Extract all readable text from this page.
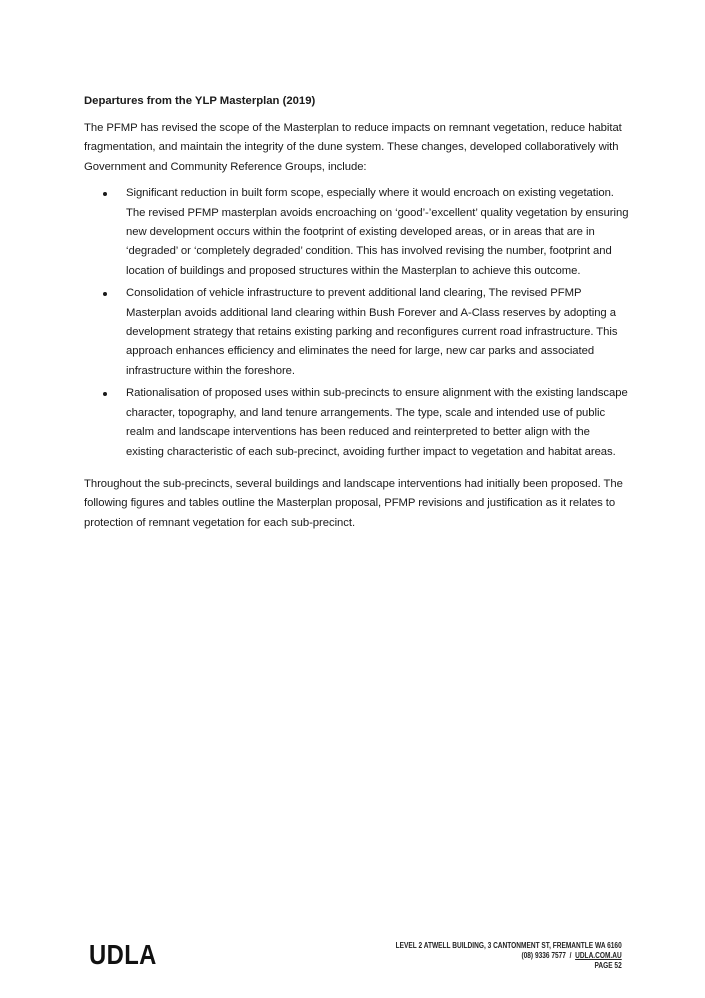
Departures from the YLP Masterplan (2019)

The PFMP has revised the scope of the Masterplan to reduce impacts on remnant vegetation, reduce habitat fragmentation, and maintain the integrity of the dune system. These changes, developed collaboratively with Government and Community Reference Groups, include:

Significant reduction in built form scope, especially where it would encroach on existing vegetation. The revised PFMP masterplan avoids encroaching on ‘good’-’excellent’ quality vegetation by ensuring new development occurs within the footprint of existing developed areas, or in areas that are in ‘degraded’ or ‘completely degraded’ condition. This has involved revising the number, footprint and location of buildings and proposed structures within the Masterplan to achieve this outcome.
Consolidation of vehicle infrastructure to prevent additional land clearing, The revised PFMP Masterplan avoids additional land clearing within Bush Forever and A-Class reserves by adopting a development strategy that retains existing parking and reconfigures current road infrastructure. This approach enhances efficiency and eliminates the need for large, new car parks and associated infrastructure within the foreshore.
Rationalisation of proposed uses within sub-precincts to ensure alignment with the existing landscape character, topography, and land tenure arrangements. The type, scale and intended use of public realm and landscape interventions has been reduced and reinterpreted to better align with the existing characteristic of each sub-precinct, avoiding further impact to vegetation and habitat areas.

Throughout the sub-precincts, several buildings and landscape interventions had initially been proposed. The following figures and tables outline the Masterplan proposal, PFMP revisions and justification as it relates to protection of remnant vegetation for each sub-precinct.

UDLA	LEVEL 2 ATWELL BUILDING, 3 CANTONMENT ST, FREMANTLE WA 6160
(08) 9336 7577 / UDLA.COM.AU
PAGE 52
